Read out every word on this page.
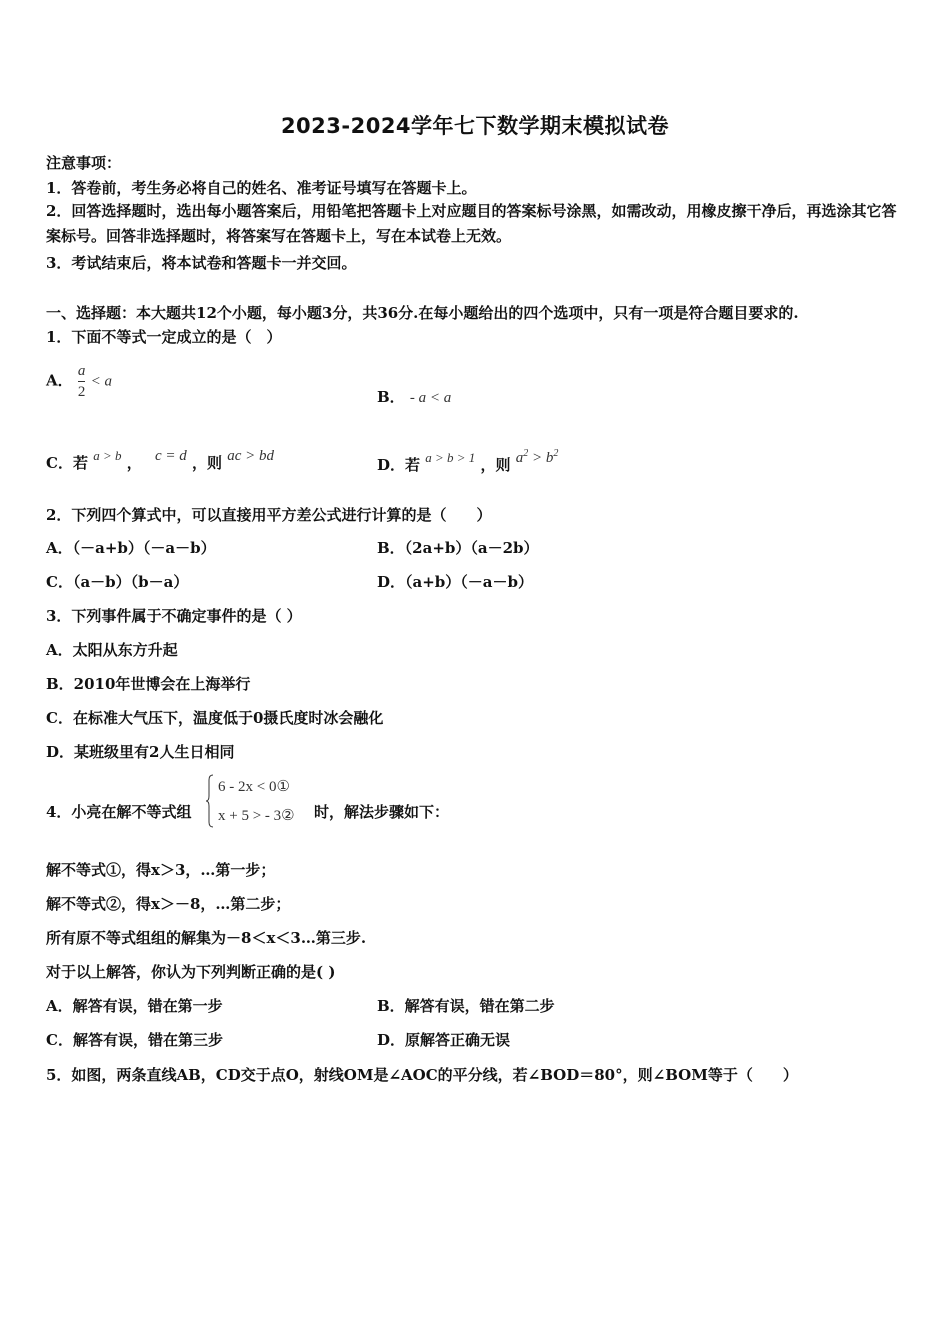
2023-2024学年七下数学期末模拟试卷
注意事项：
1．答卷前，考生务必将自己的姓名、准考证号填写在答题卡上。
2．回答选择题时，选出每小题答案后，用铅笔把答题卡上对应题目的答案标号涂黑，如需改动，用橡皮擦干净后，再选涂其它答案标号。回答非选择题时，将答案写在答题卡上，写在本试卷上无效。
3．考试结束后，将本试卷和答题卡一并交回。
一、选择题：本大题共12个小题，每小题3分，共36分.在每小题给出的四个选项中，只有一项是符合题目要求的.
1．下面不等式一定成立的是（　）
A． $\frac{a}{2} < a$
B． - a < a
C．若 a > b ， c = d ，则 ac > bd	D．若 a > b > 1 ，则 $a^2 > b^2$
2．下列四个算式中，可以直接用平方差公式进行计算的是（　　）
A．（－a+b）（－a－b）	B．（2a+b）（a－2b）
C．（a－b）（b－a）	D．（a+b）（－a－b）
3．下列事件属于不确定事件的是（ ）
A．太阳从东方升起
B．2010年世博会在上海举行
C．在标准大气压下，温度低于0摄氏度时冰会融化
D．某班级里有2人生日相同
4．小亮在解不等式组
6 - 2x < 0①
x + 5 > - 3② 时，解法步骤如下：
解不等式①，得x＞3，…第一步；
解不等式②，得x＞－8，…第二步；
所有原不等式组组的解集为－8＜x＜3…第三步.
对于以上解答，你认为下列判断正确的是( )
A．解答有误，错在第一步	B．解答有误，错在第二步
C．解答有误，错在第三步	D．原解答正确无误
5．如图，两条直线AB，CD交于点O，射线OM是∠AOC的平分线，若∠BOD＝80°，则∠BOM等于（　　）
